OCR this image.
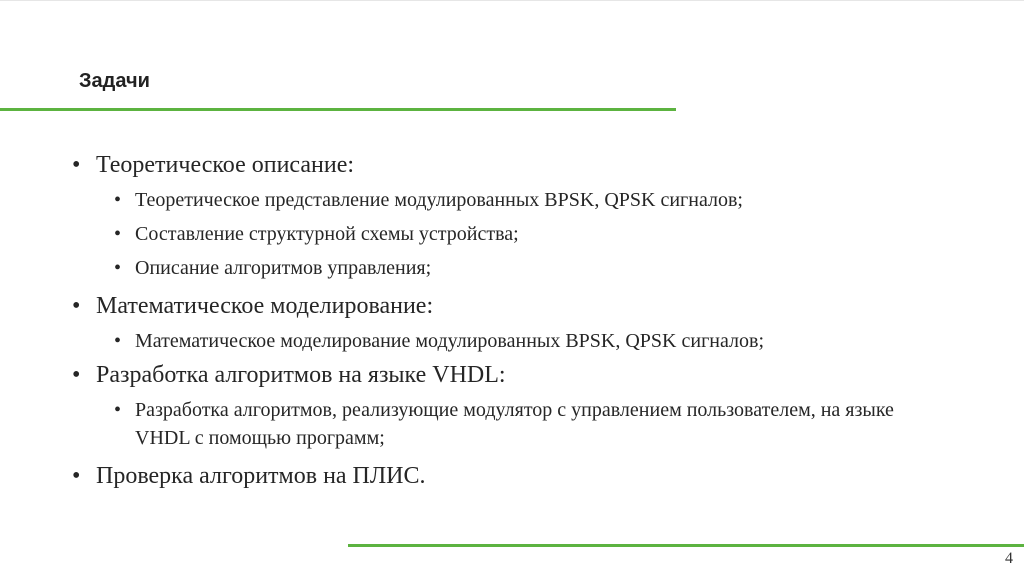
Задачи

• Теоретическое описание:

• Теоретическое представление модулированных BPSK, QPSK сигналов;

• Составление структурной схемы устройства;

• Описание алгоритмов управления;

• Математическое моделирование:

• Математическое моделирование модулированных BPSK, QPSK сигналов;

• Разработка алгоритмов на языке VHDL:

• Разработка алгоритмов, реализующие модулятор с управлением пользователем, на языке VHDL с помощью программ;

• Проверка алгоритмов на ПЛИС.

4
